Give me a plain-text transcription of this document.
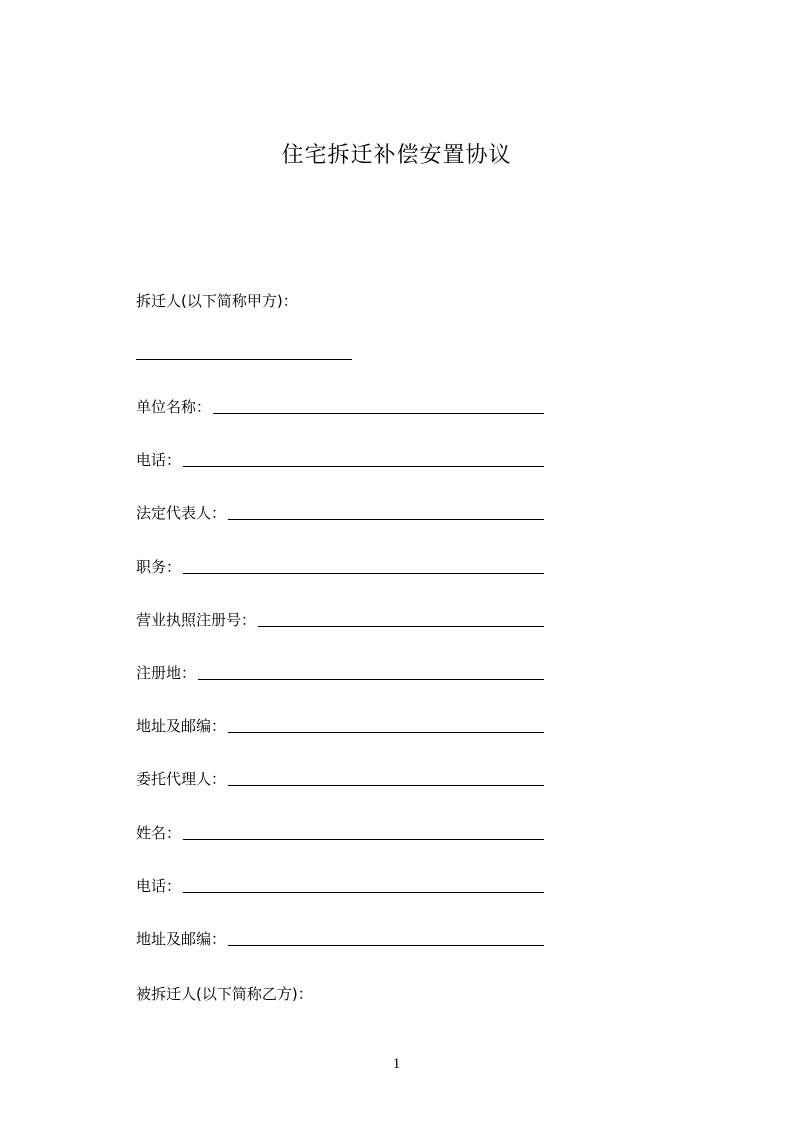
住宅拆迁补偿安置协议
拆迁人(以下简称甲方)：
单位名称：
电话：
法定代表人：
职务：
营业执照注册号：
注册地：
地址及邮编：
委托代理人：
姓名：
电话：
地址及邮编：
被拆迁人(以下简称乙方)：
1
